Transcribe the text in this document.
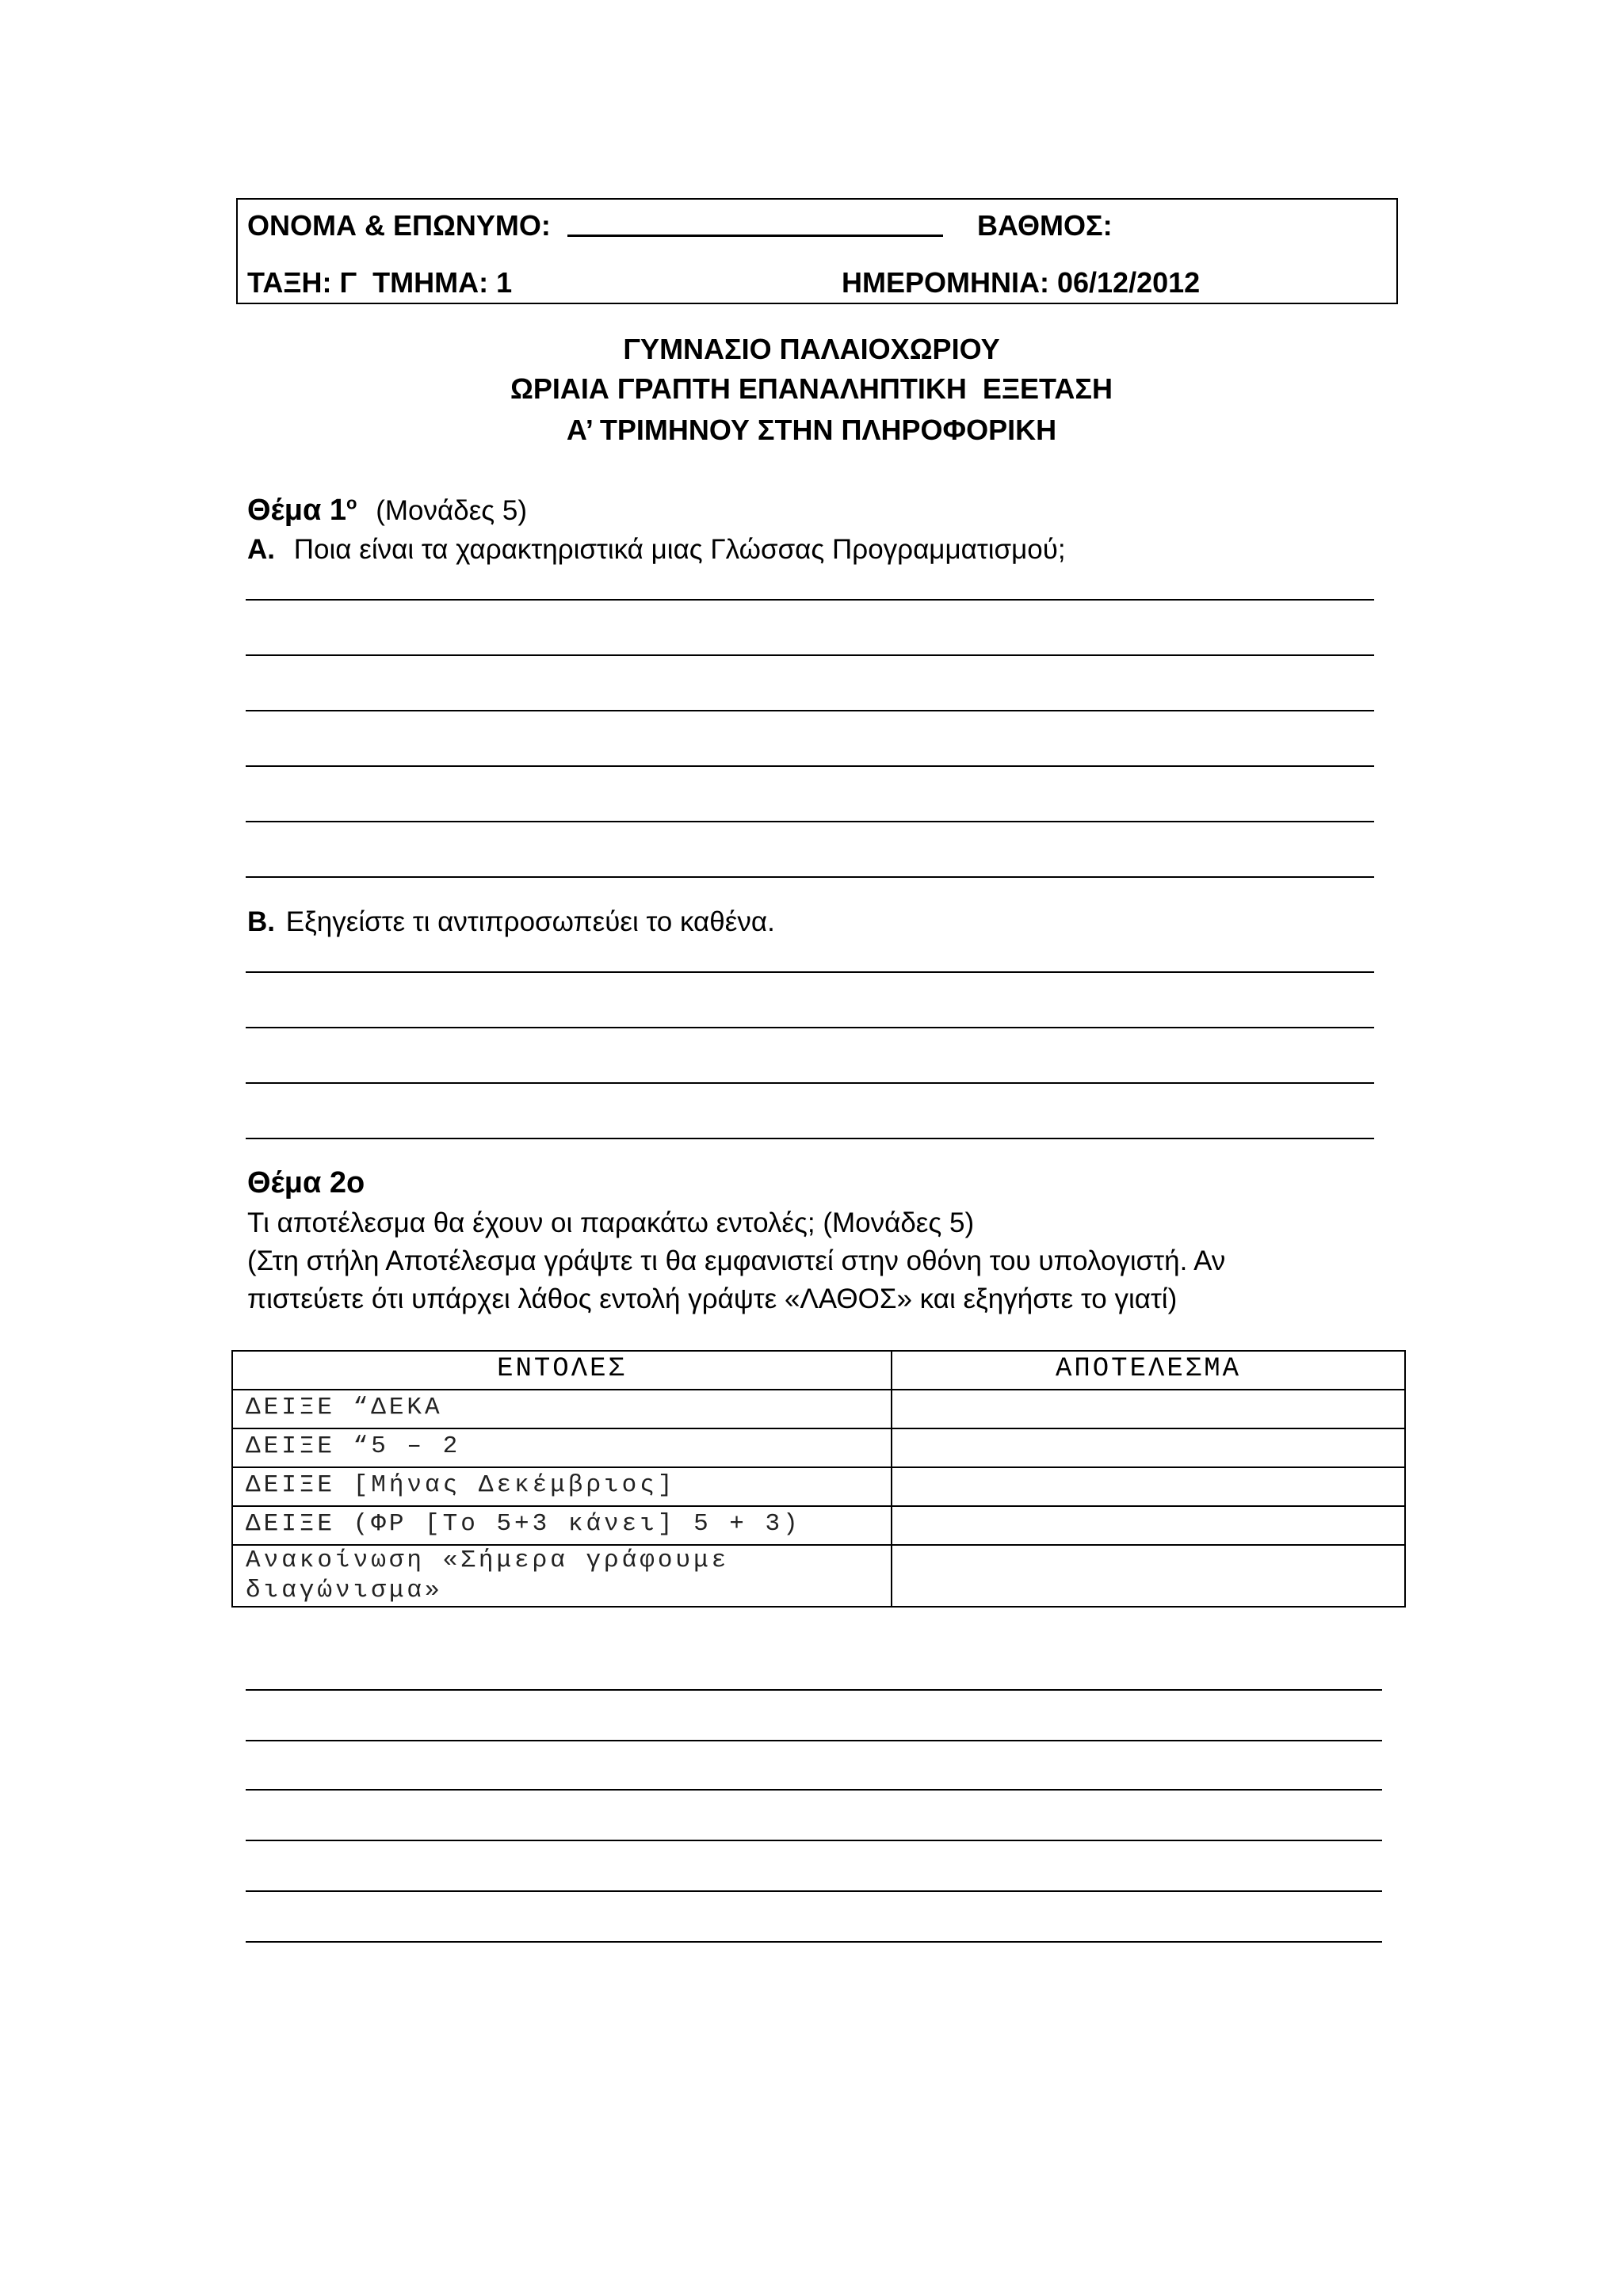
ΟΝΟΜΑ & ΕΠΩΝΥΜΟ:	ΒΑΘΜΟΣ:
ΤΑΞΗ: Γ  ΤΜΗΜΑ: 1	ΗΜΕΡΟΜΗΝΙΑ: 06/12/2012
ΓΥΜΝΑΣΙΟ ΠΑΛΑΙΟΧΩΡΙΟΥ
ΩΡΙΑΙΑ ΓΡΑΠΤΗ ΕΠΑΝΑΛΗΠΤΙΚΗ  ΕΞΕΤΑΣΗ
Α’ ΤΡΙΜΗΝΟΥ ΣΤΗΝ ΠΛΗΡΟΦΟΡΙΚΗ
Θέμα $1^o$ (Μονάδες 5)
Α. Ποια είναι τα χαρακτηριστικά μιας Γλώσσας Προγραμματισμού;
Β. Εξηγείστε τι αντιπροσωπεύει το καθένα.
Θέμα 2ο
Τι αποτέλεσμα θα έχουν οι παρακάτω εντολές; (Μονάδες 5)
(Στη στήλη Αποτέλεσμα γράψτε τι θα εμφανιστεί στην οθόνη του υπολογιστή. Αν
πιστεύετε ότι υπάρχει λάθος εντολή γράψτε «ΛΑΘΟΣ» και εξηγήστε το γιατί)
ΕΝΤΟΛΕΣ	ΑΠΟΤΕΛΕΣΜΑ
ΔΕΙΞΕ “ΔΕΚΑ	
ΔΕΙΞΕ “5 – 2	
ΔΕΙΞΕ [Μήνας Δεκέμβριος]	
ΔΕΙΞΕ (ΦΡ [Το 5+3 κάνει] 5 + 3)	

Ανακοίνωση «Σήμερα γράφουμε
διαγώνισμα»	
